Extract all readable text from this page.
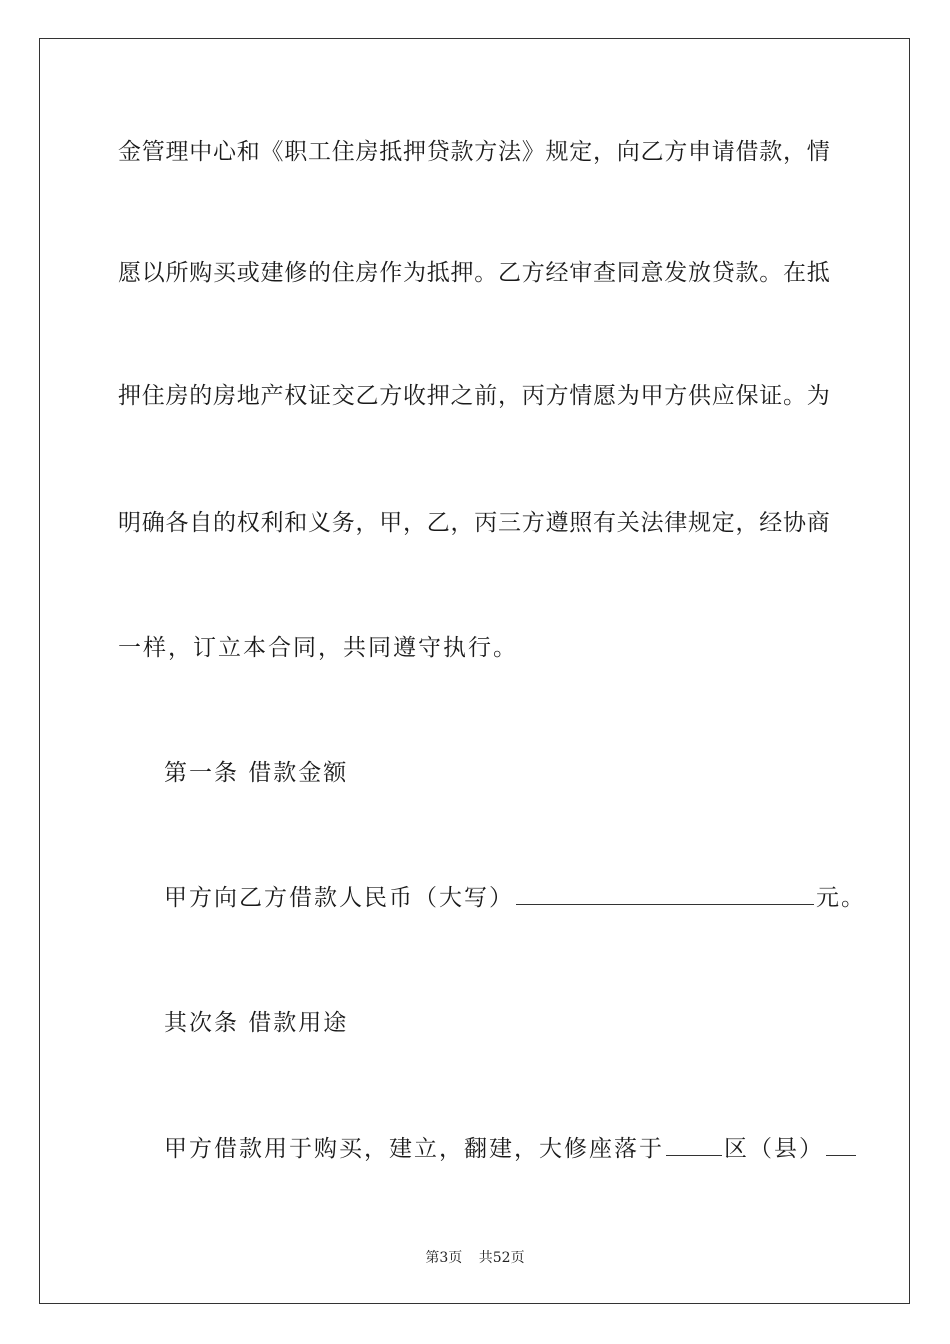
金 管 理 中 心 和 《 职 工 住 房 抵 押 贷 款 方 法 》 规 定 ， 向 乙 方 申 请 借 款 ， 情
愿 以 所 购 买 或 建 修 的 住 房 作 为 抵 押 。 乙 方 经 审 查 同 意 发 放 贷 款 。 在 抵
押 住 房 的 房 地 产 权 证 交 乙 方 收 押 之 前 ， 丙 方 情 愿 为 甲 方 供 应 保 证 。 为
明 确 各 自 的 权 利 和 义 务 ， 甲 ， 乙 ， 丙 三 方 遵 照 有 关 法 律 规 定 ， 经 协 商
一样，订立本合同，共同遵守执行。
第一条 借款金额
甲方向乙方借款人民币（大写）	元。
其次条 借款用途
甲方借款用于购买，建立，翻建，大修座落于	区（县）
第3页 共52页
